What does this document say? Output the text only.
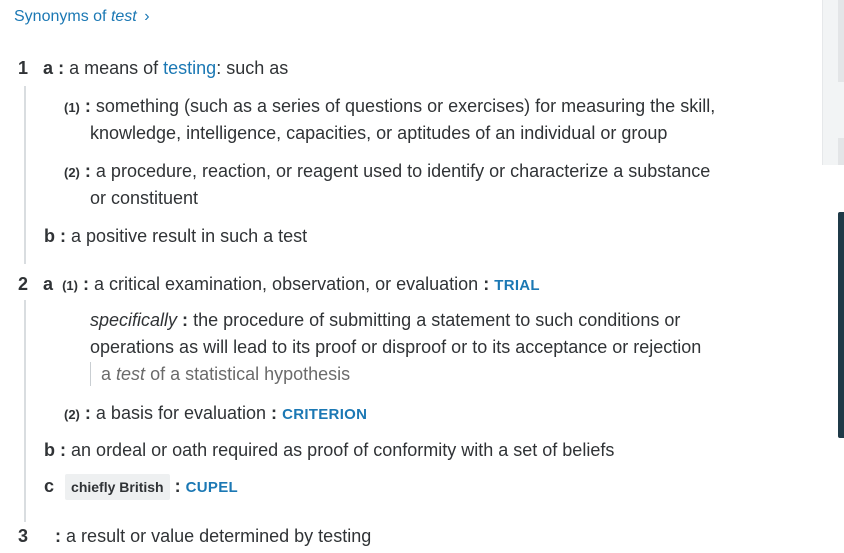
Synonyms of test ›
1 a : a means of testing: such as
(1) : something (such as a series of questions or exercises) for measuring the skill,
knowledge, intelligence, capacities, or aptitudes of an individual or group
(2) : a procedure, reaction, or reagent used to identify or characterize a substance
or constituent
b : a positive result in such a test
2 a (1) : a critical examination, observation, or evaluation : TRIAL
specifically : the procedure of submitting a statement to such conditions or
operations as will lead to its proof or disproof or to its acceptance or rejection
a test of a statistical hypothesis
(2) : a basis for evaluation : CRITERION
b : an ordeal or oath required as proof of conformity with a set of beliefs
c chiefly British : CUPEL
3 : a result or value determined by testing
